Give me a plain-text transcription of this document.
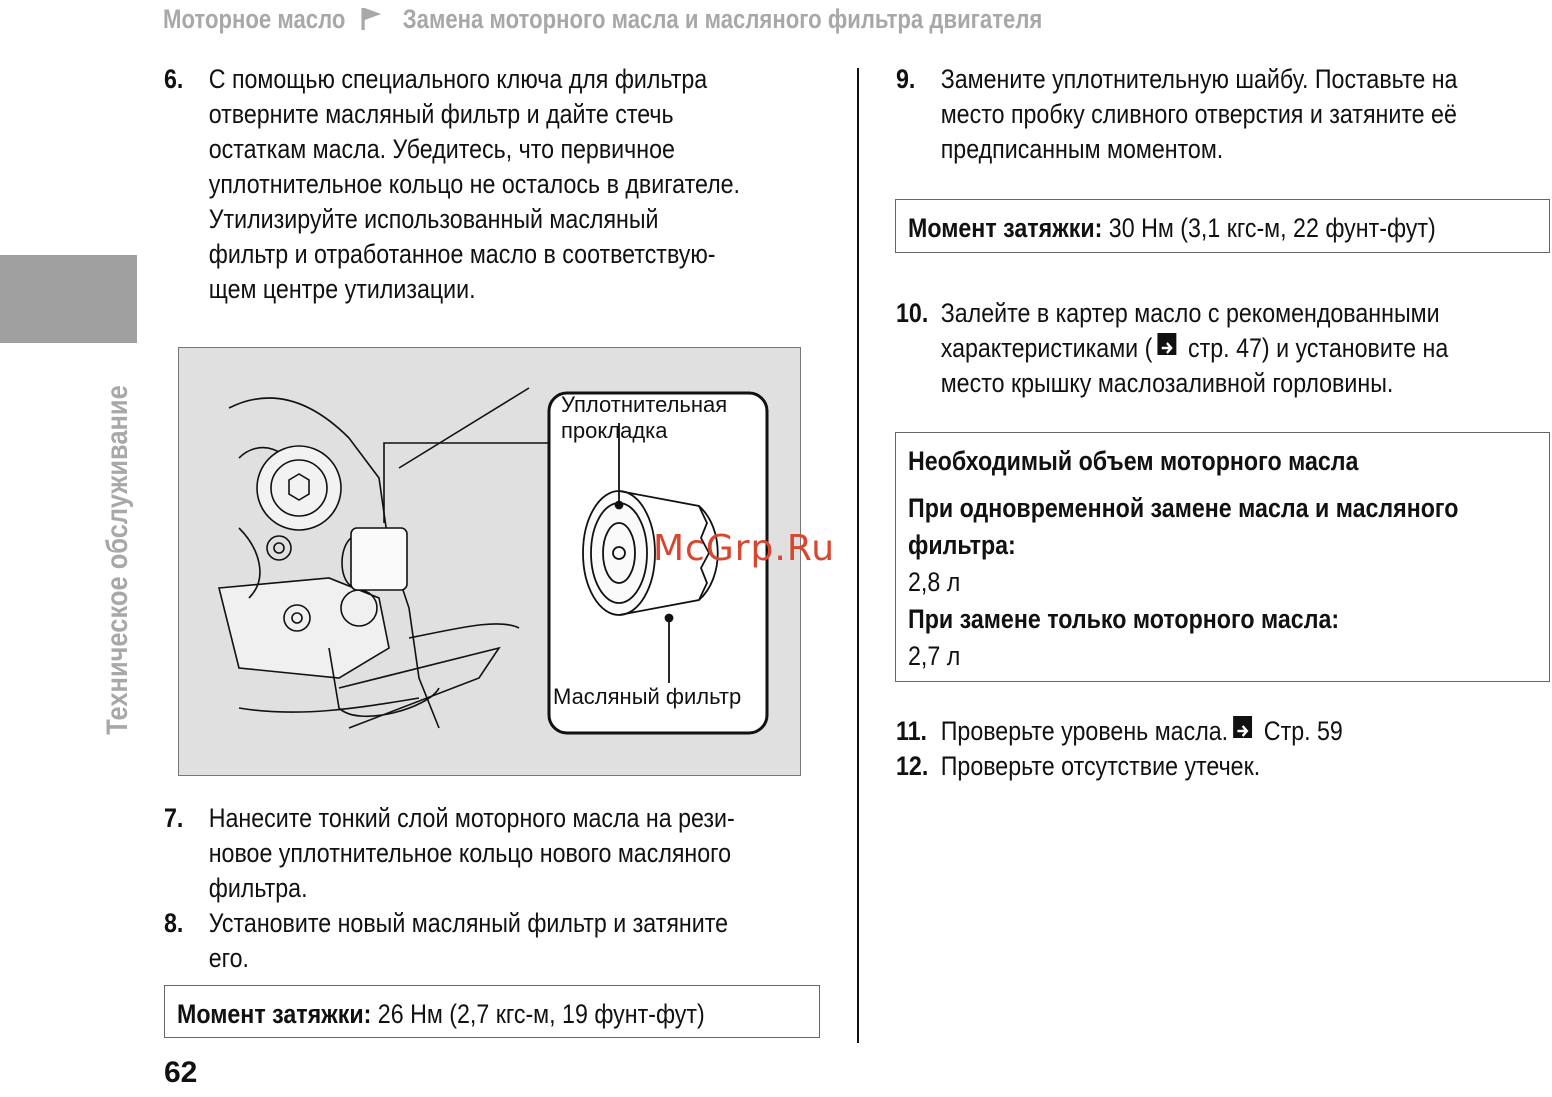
Моторное масло Замена моторного масла и масляного фильтра двигателя
Техническое обслуживание
6. С помощью специального ключа для фильтра
отверните масляный фильтр и дайте стечь
остаткам масла. Убедитесь, что первичное
уплотнительное кольцо не осталось в двигателе.
Утилизируйте использованный масляный
фильтр и отработанное масло в соответствую-
щем центре утилизации.
Уплотнительная
прокладка
Масляный фильтр
McGrp.Ru
7. Нанесите тонкий слой моторного масла на рези-
новое уплотнительное кольцо нового масляного
фильтра.
8. Установите новый масляный фильтр и затяните
его.
Момент затяжки: 26 Нм (2,7 кгс-м, 19 фунт-фут)
62
9. Замените уплотнительную шайбу. Поставьте на
место пробку сливного отверстия и затяните её
предписанным моментом.
Момент затяжки: 30 Нм (3,1 кгс-м, 22 фунт-фут)
10. Залейте в картер масло с рекомендованными
характеристиками ( стр. 47) и установите на
место крышку маслозаливной горловины.
Необходимый объем моторного масла
При одновременной замене масла и масляного
фильтра:
2,8 л
При замене только моторного масла:
2,7 л
11. Проверьте уровень масла. Стр. 59
12. Проверьте отсутствие утечек.
